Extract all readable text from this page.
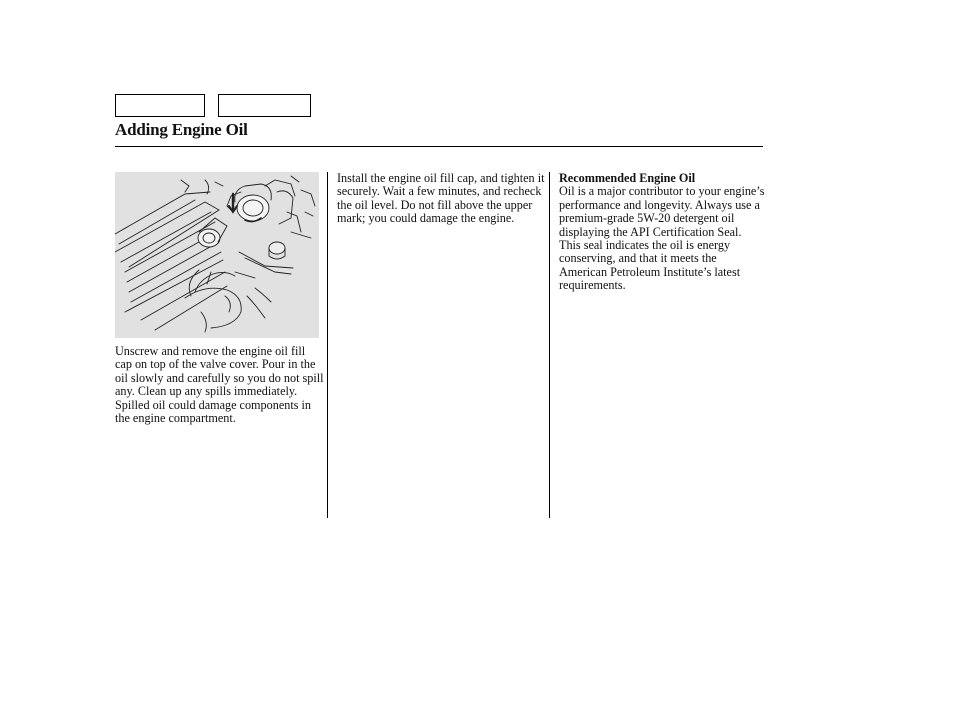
Adding Engine Oil

Unscrew and remove the engine oil fill cap on top of the valve cover. Pour in the oil slowly and carefully so you do not spill any. Clean up any spills immediately. Spilled oil could damage components in the engine compartment.

Install the engine oil fill cap, and tighten it securely. Wait a few minutes, and recheck the oil level. Do not fill above the upper mark; you could damage the engine.

Recommended Engine Oil

Oil is a major contributor to your engine’s performance and longevity. Always use a premium-grade 5W-20 detergent oil displaying the API Certification Seal. This seal indicates the oil is energy conserving, and that it meets the American Petroleum Institute’s latest requirements.
